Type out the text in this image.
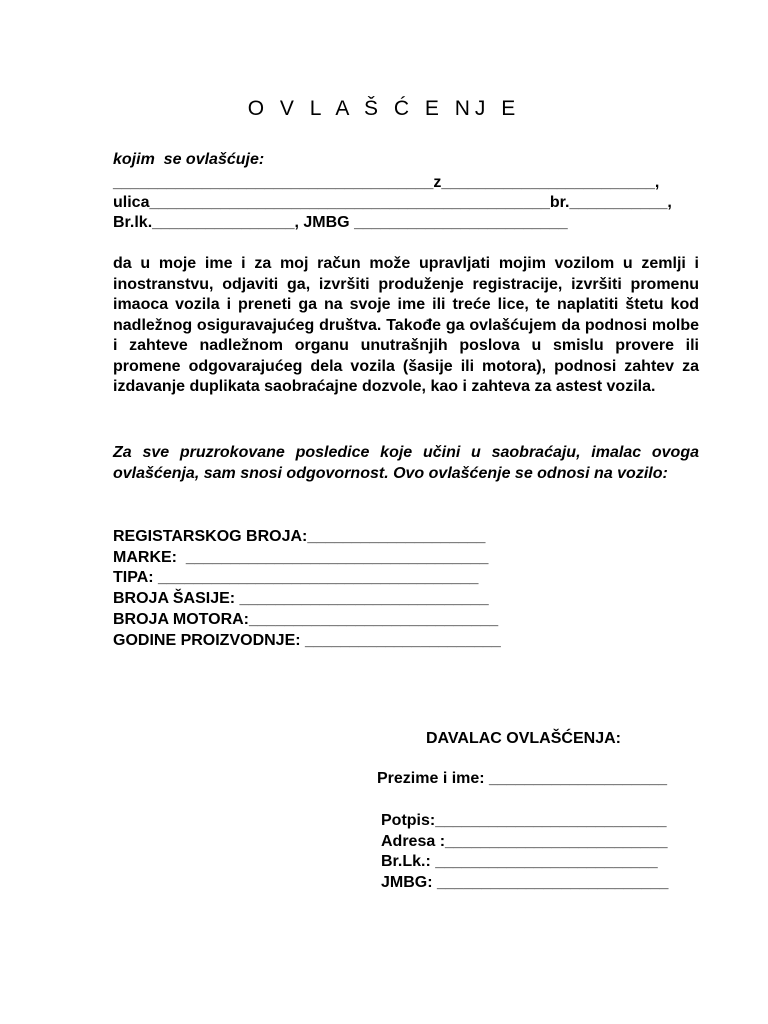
O V L A Š Ć E NJ E
kojim  se ovlašćuje:
____________________________________z________________________,
ulica_____________________________________________br.___________,
Br.lk.________________, JMBG ________________________

da u moje ime i za moj račun može upravljati mojim vozilom u zemlji i inostranstvu, odjaviti ga, izvršiti produženje registracije, izvršiti promenu imaoca vozila i preneti ga na svoje ime ili treće lice, te naplatiti štetu kod nadležnog osiguravajućeg društva. Takođe ga ovlašćujem da podnosi molbe i zahteve nadležnom organu unutrašnjih poslova u smislu provere ili promene odgovarajućeg dela vozila (šasije ili motora), podnosi zahtev za izdavanje duplikata saobraćajne dozvole, kao i zahteva za astest vozila.

Za sve pruzrokovane posledice koje učini u saobraćaju, imalac ovoga ovlašćenja, sam snosi odgovornost. Ovo ovlašćenje se odnosi na vozilo:

REGISTARSKOG BROJA:____________________
MARKE:  __________________________________
TIPA: ____________________________________
BROJA ŠASIJE: ____________________________
BROJA MOTORA:____________________________
GODINE PROIZVODNJE: ______________________
DAVALAC OVLAŠĆENJA:
Prezime i ime: ____________________
Potpis:__________________________
Adresa :_________________________
Br.Lk.: _________________________
JMBG: __________________________
